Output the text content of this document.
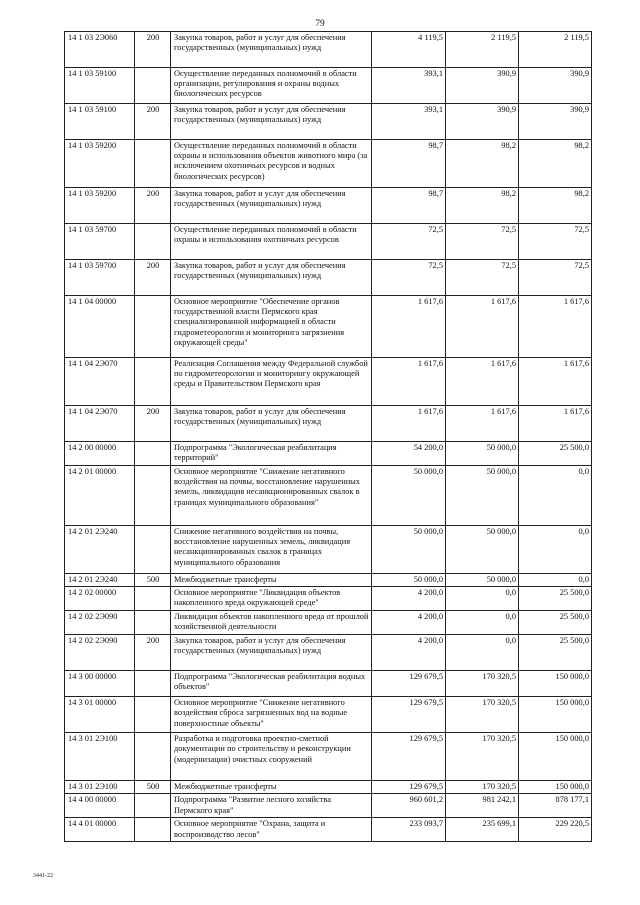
79
14 1 03 2Э060	200	Закупка товаров, работ и услуг для обеспечения государственных (муниципальных) нужд	4 119,5	2 119,5	2 119,5
14 1 03 59100		Осуществление переданных полномочий в области организации, регулирования и охраны водных биологических ресурсов	393,1	390,9	390,9
14 1 03 59100	200	Закупка товаров, работ и услуг для обеспечения государственных (муниципальных) нужд	393,1	390,9	390,9
14 1 03 59200		Осуществление переданных полномочий в области охраны и использования объектов животного мира (за исключением охотничьих ресурсов и водных биологических ресурсов)	98,7	98,2	98,2
14 1 03 59200	200	Закупка товаров, работ и услуг для обеспечения государственных (муниципальных) нужд	98,7	98,2	98,2
14 1 03 59700		Осуществление переданных полномочий в области охраны и использования охотничьих ресурсов	72,5	72,5	72,5
14 1 03 59700	200	Закупка товаров, работ и услуг для обеспечения государственных (муниципальных) нужд	72,5	72,5	72,5
14 1 04 00000		Основное мероприятие "Обеспечение органов государственной власти Пермского края специализированной информацией в области гидрометеорологии и мониторинга загрязнения окружающей среды"	1 617,6	1 617,6	1 617,6
14 1 04 2Э070		Реализация Соглашения между Федеральной службой по гидрометеорологии и мониторингу окружающей среды и Правительством Пермского края	1 617,6	1 617,6	1 617,6
14 1 04 2Э070	200	Закупка товаров, работ и услуг для обеспечения государственных (муниципальных) нужд	1 617,6	1 617,6	1 617,6
14 2 00 00000		Подпрограмма "Экологическая реабилитация территорий"	54 200,0	50 000,0	25 500,0
14 2 01 00000		Основное мероприятие "Снижение негативного воздействия на почвы, восстановление нарушенных земель, ликвидация несанкционированных свалок в границах муниципального образования"	50 000,0	50 000,0	0,0
14 2 01 2Э240		Снижение негативного воздействия на почвы, восстановление нарушенных земель, ликвидация несанкционированных свалок в границах муниципального образования	50 000,0	50 000,0	0,0
14 2 01 2Э240	500	Межбюджетные трансферты	50 000,0	50 000,0	0,0
14 2 02 00000		Основное мероприятие "Ликвидация объектов накопленного вреда окружающей среде"	4 200,0	0,0	25 500,0
14 2 02 2Э090		Ликвидация объектов накопленного вреда от прошлой хозяйственной деятельности	4 200,0	0,0	25 500,0
14 2 02 2Э090	200	Закупка товаров, работ и услуг для обеспечения государственных (муниципальных) нужд	4 200,0	0,0	25 500,0
14 3 00 00000		Подпрограмма "Экологическая реабилитация водных объектов"	129 679,5	170 320,5	150 000,0
14 3 01 00000		Основное мероприятие "Снижение негативного воздействия сброса загрязненных вод на водные поверхностные объекты"	129 679,5	170 320,5	150 000,0
14 3 01 2Э100		Разработка и подготовка проектно-сметной документации по строительству и реконструкции (модернизации) очистных сооружений	129 679,5	170 320,5	150 000,0
14 3 01 2Э100	500	Межбюджетные трансферты	129 679,5	170 320,5	150 000,0
14 4 00 00000		Подпрограмма "Развитие лесного хозяйства Пермского края"	960 601,2	981 242,1	878 177,1
14 4 01 00000		Основное мероприятие "Охрана, защита и воспроизводство лесов"	233 093,7	235 699,1	229 220,5
3441-22
